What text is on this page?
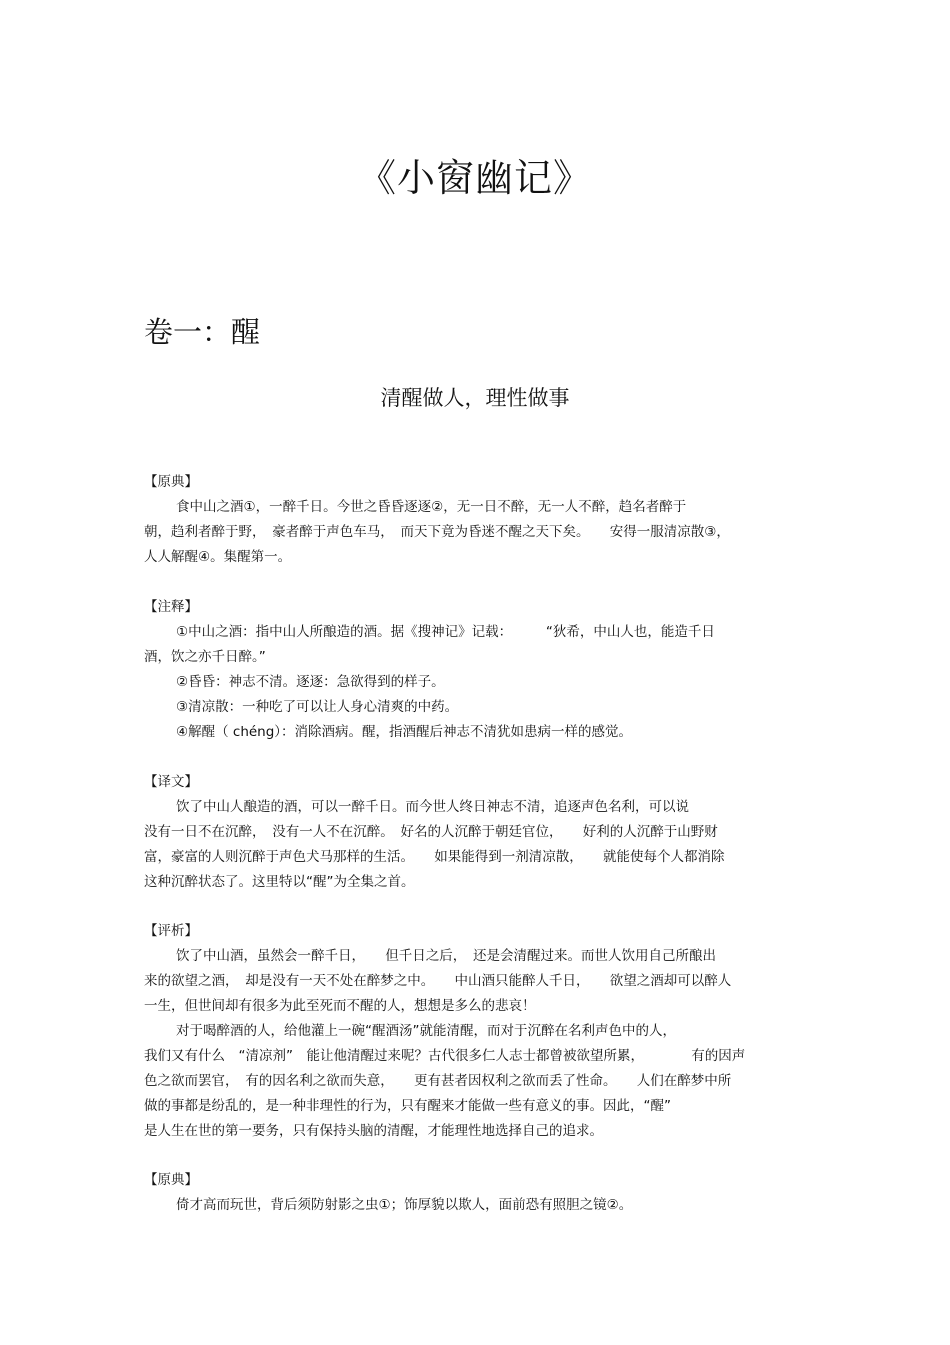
《小窗幽记》
卷一：醒
清醒做人，理性做事
【原典】
食中山之酒①，一醉千日。今世之昏昏逐逐②，无一日不醉，无一人不醉，趋名者醉于
朝，趋利者醉于野，　豪者醉于声色车马，　而天下竟为昏迷不醒之天下矣。　　安得一服清凉散③，
人人解醒④。集醒第一。
【注释】
①中山之酒：指中山人所酿造的酒。据《搜神记》记载：　　　“狄希，中山人也，能造千日
酒，饮之亦千日醉。”
②昏昏：神志不清。逐逐：急欲得到的样子。
③清凉散：一种吃了可以让人身心清爽的中药。
④解醒（ chéng）：消除酒病。醒，指酒醒后神志不清犹如患病一样的感觉。
【译文】
饮了中山人酿造的酒，可以一醉千日。而今世人终日神志不清，追逐声色名利，可以说
没有一日不在沉醉，　没有一人不在沉醉。　好名的人沉醉于朝廷官位，　　好利的人沉醉于山野财
富，豪富的人则沉醉于声色犬马那样的生活。　　如果能得到一剂清凉散，　　就能使每个人都消除
这种沉醉状态了。这里特以“醒”为全集之首。
【评析】
饮了中山酒，虽然会一醉千日，　　但千日之后，　还是会清醒过来。而世人饮用自己所酿出
来的欲望之酒，　却是没有一天不处在醉梦之中。　　中山酒只能醉人千日，　　欲望之酒却可以醉人
一生，但世间却有很多为此至死而不醒的人，想想是多么的悲哀！
对于喝醉酒的人，给他灌上一碗“醒酒汤”就能清醒，而对于沉醉在名利声色中的人，
我们又有什么　“清凉剂”　能让他清醒过来呢？古代很多仁人志士都曾被欲望所累，　　　　有的因声
色之欲而罢官，　有的因名利之欲而失意，　　更有甚者因权利之欲而丢了性命。　　人们在醉梦中所
做的事都是纷乱的，是一种非理性的行为，只有醒来才能做一些有意义的事。因此，“醒”
是人生在世的第一要务，只有保持头脑的清醒，才能理性地选择自己的追求。
【原典】
倚才高而玩世，背后须防射影之虫①；饰厚貌以欺人，面前恐有照胆之镜②。
